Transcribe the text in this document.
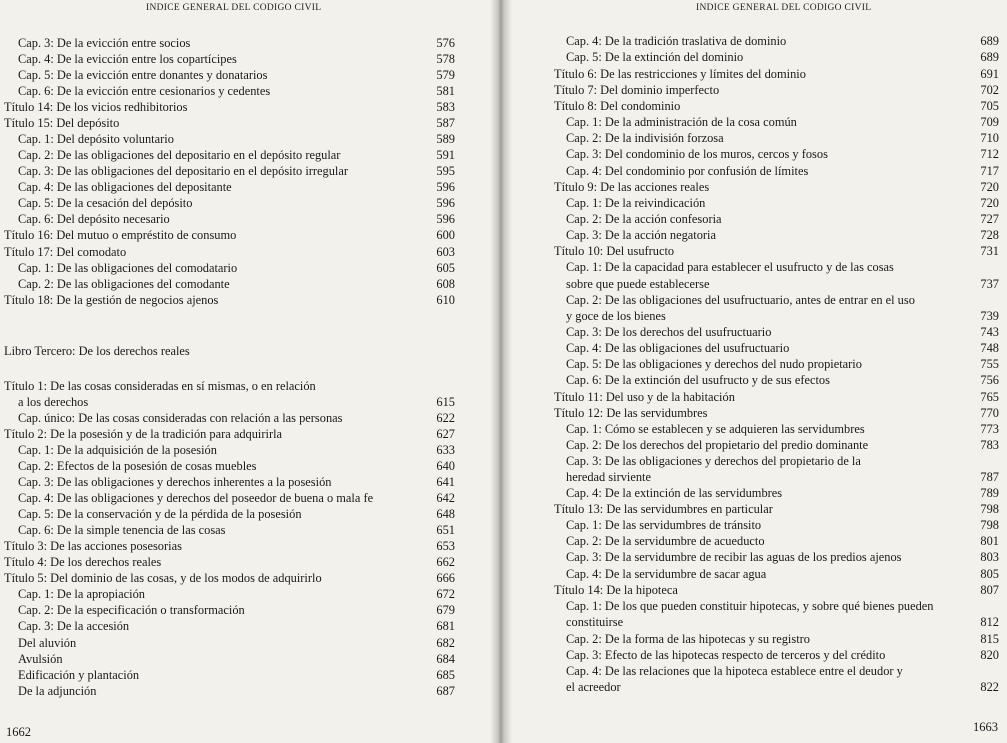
INDICE GENERAL DEL CODIGO CIVIL
Cap. 3: De la evicción entre socios	576
Cap. 4: De la evicción entre los copartícipes	578
Cap. 5: De la evicción entre donantes y donatarios	579
Cap. 6: De la evicción entre cesionarios y cedentes	581
Título 14: De los vicios redhibitorios	583
Título 15: Del depósito	587
Cap. 1: Del depósito voluntario	589
Cap. 2: De las obligaciones del depositario en el depósito regular	591
Cap. 3: De las obligaciones del depositario en el depósito irregular	595
Cap. 4: De las obligaciones del depositante	596
Cap. 5: De la cesación del depósito	596
Cap. 6: Del depósito necesario	596
Título 16: Del mutuo o empréstito de consumo	600
Título 17: Del comodato	603
Cap. 1: De las obligaciones del comodatario	605
Cap. 2: De las obligaciones del comodante	608
Título 18: De la gestión de negocios ajenos	610
Libro Tercero: De los derechos reales
Título 1: De las cosas consideradas en sí mismas, o en relación
a los derechos	615
Cap. único: De las cosas consideradas con relación a las personas	622
Título 2: De la posesión y de la tradición para adquirirla	627
Cap. 1: De la adquisición de la posesión	633
Cap. 2: Efectos de la posesión de cosas muebles	640
Cap. 3: De las obligaciones y derechos inherentes a la posesión	641
Cap. 4: De las obligaciones y derechos del poseedor de buena o mala fe	642
Cap. 5: De la conservación y de la pérdida de la posesión	648
Cap. 6: De la simple tenencia de las cosas	651
Título 3: De las acciones posesorias	653
Título 4: De los derechos reales	662
Título 5: Del dominio de las cosas, y de los modos de adquirirlo	666
Cap. 1: De la apropiación	672
Cap. 2: De la especificación o transformación	679
Cap. 3: De la accesión	681
Del aluvión	682
Avulsión	684
Edificación y plantación	685
De la adjunción	687
1662
INDICE GENERAL DEL CODIGO CIVIL
Cap. 4: De la tradición traslativa de dominio	689
Cap. 5: De la extinción del dominio	689
Título 6: De las restricciones y límites del dominio	691
Título 7: Del dominio imperfecto	702
Título 8: Del condominio	705
Cap. 1: De la administración de la cosa común	709
Cap. 2: De la indivisión forzosa	710
Cap. 3: Del condominio de los muros, cercos y fosos	712
Cap. 4: Del condominio por confusión de límites	717
Título 9: De las acciones reales	720
Cap. 1: De la reivindicación	720
Cap. 2: De la acción confesoria	727
Cap. 3: De la acción negatoria	728
Título 10: Del usufructo	731
Cap. 1: De la capacidad para establecer el usufructo y de las cosas
sobre que puede establecerse	737
Cap. 2: De las obligaciones del usufructuario, antes de entrar en el uso
y goce de los bienes	739
Cap. 3: De los derechos del usufructuario	743
Cap. 4: De las obligaciones del usufructuario	748
Cap. 5: De las obligaciones y derechos del nudo propietario	755
Cap. 6: De la extinción del usufructo y de sus efectos	756
Título 11: Del uso y de la habitación	765
Título 12: De las servidumbres	770
Cap. 1: Cómo se establecen y se adquieren las servidumbres	773
Cap. 2: De los derechos del propietario del predio dominante	783
Cap. 3: De las obligaciones y derechos del propietario de la
heredad sirviente	787
Cap. 4: De la extinción de las servidumbres	789
Título 13: De las servidumbres en particular	798
Cap. 1: De las servidumbres de tránsito	798
Cap. 2: De la servidumbre de acueducto	801
Cap. 3: De la servidumbre de recibir las aguas de los predios ajenos	803
Cap. 4: De la servidumbre de sacar agua	805
Título 14: De la hipoteca	807
Cap. 1: De los que pueden constituir hipotecas, y sobre qué bienes pueden
constituirse	812
Cap. 2: De la forma de las hipotecas y su registro	815
Cap. 3: Efecto de las hipotecas respecto de terceros y del crédito	820
Cap. 4: De las relaciones que la hipoteca establece entre el deudor y
el acreedor	822
1663
